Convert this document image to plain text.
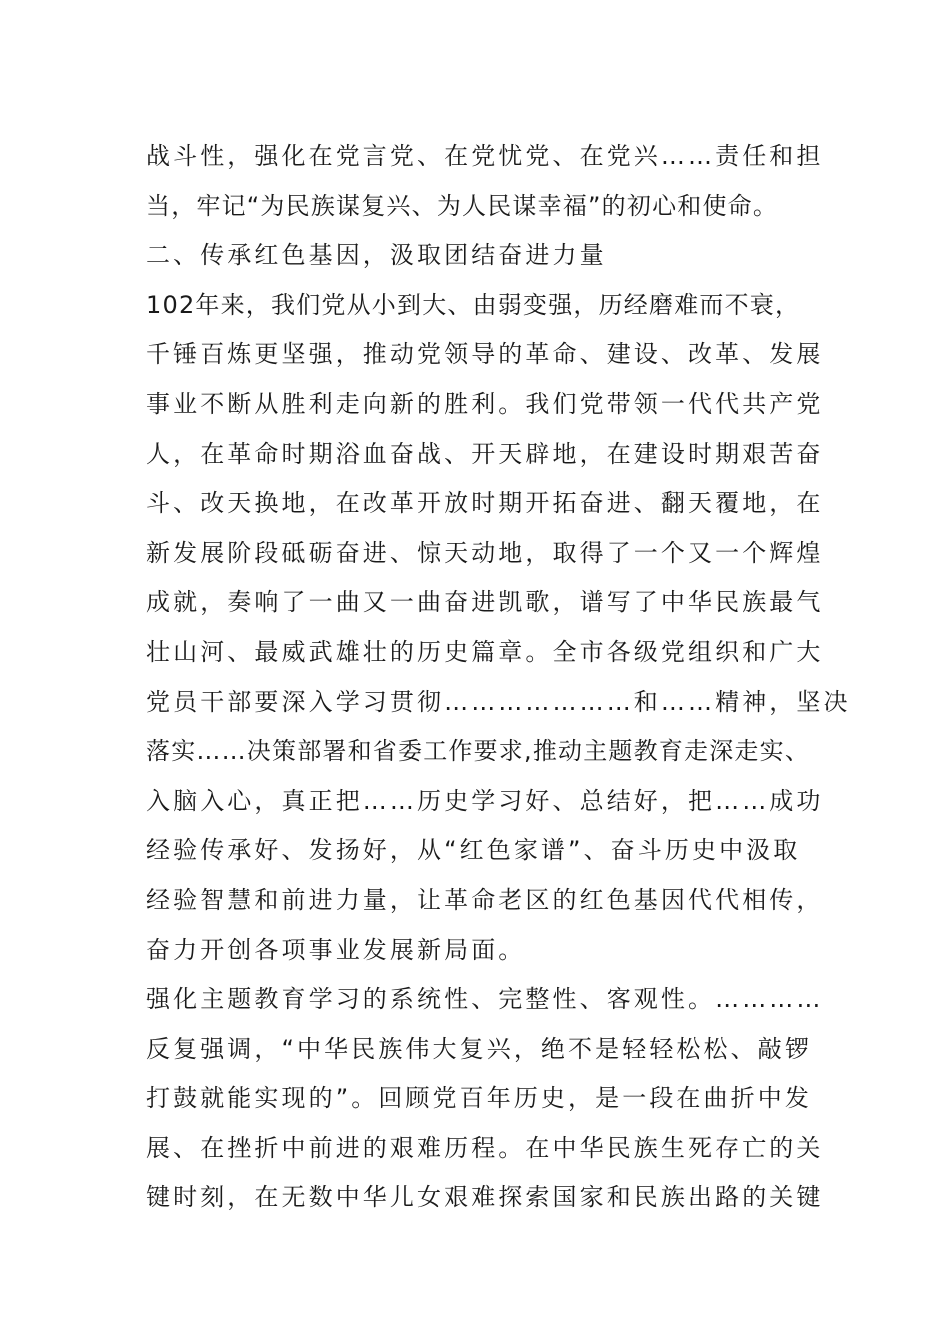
战斗性，强化在党言党、在党忧党、在党兴……责任和担
当，牢记“为民族谋复兴、为人民谋幸福”的初心和使命。
二、传承红色基因，汲取团结奋进力量
102年来，我们党从小到大、由弱变强，历经磨难而不衰，
千锤百炼更坚强，推动党领导的革命、建设、改革、发展
事业不断从胜利走向新的胜利。我们党带领一代代共产党
人，在革命时期浴血奋战、开天辟地，在建设时期艰苦奋
斗、改天换地，在改革开放时期开拓奋进、翻天覆地，在
新发展阶段砥砺奋进、惊天动地，取得了一个又一个辉煌
成就，奏响了一曲又一曲奋进凯歌，谱写了中华民族最气
壮山河、最威武雄壮的历史篇章。全市各级党组织和广大
党员干部要深入学习贯彻…………………和……精神，坚决
落实……决策部署和省委工作要求,推动主题教育走深走实、
入脑入心，真正把……历史学习好、总结好，把……成功
经验传承好、发扬好，从“红色家谱”、奋斗历史中汲取
经验智慧和前进力量，让革命老区的红色基因代代相传，
奋力开创各项事业发展新局面。
强化主题教育学习的系统性、完整性、客观性。…………
反复强调，“中华民族伟大复兴，绝不是轻轻松松、敲锣
打鼓就能实现的”。回顾党百年历史，是一段在曲折中发
展、在挫折中前进的艰难历程。在中华民族生死存亡的关
键时刻，在无数中华儿女艰难探索国家和民族出路的关键
